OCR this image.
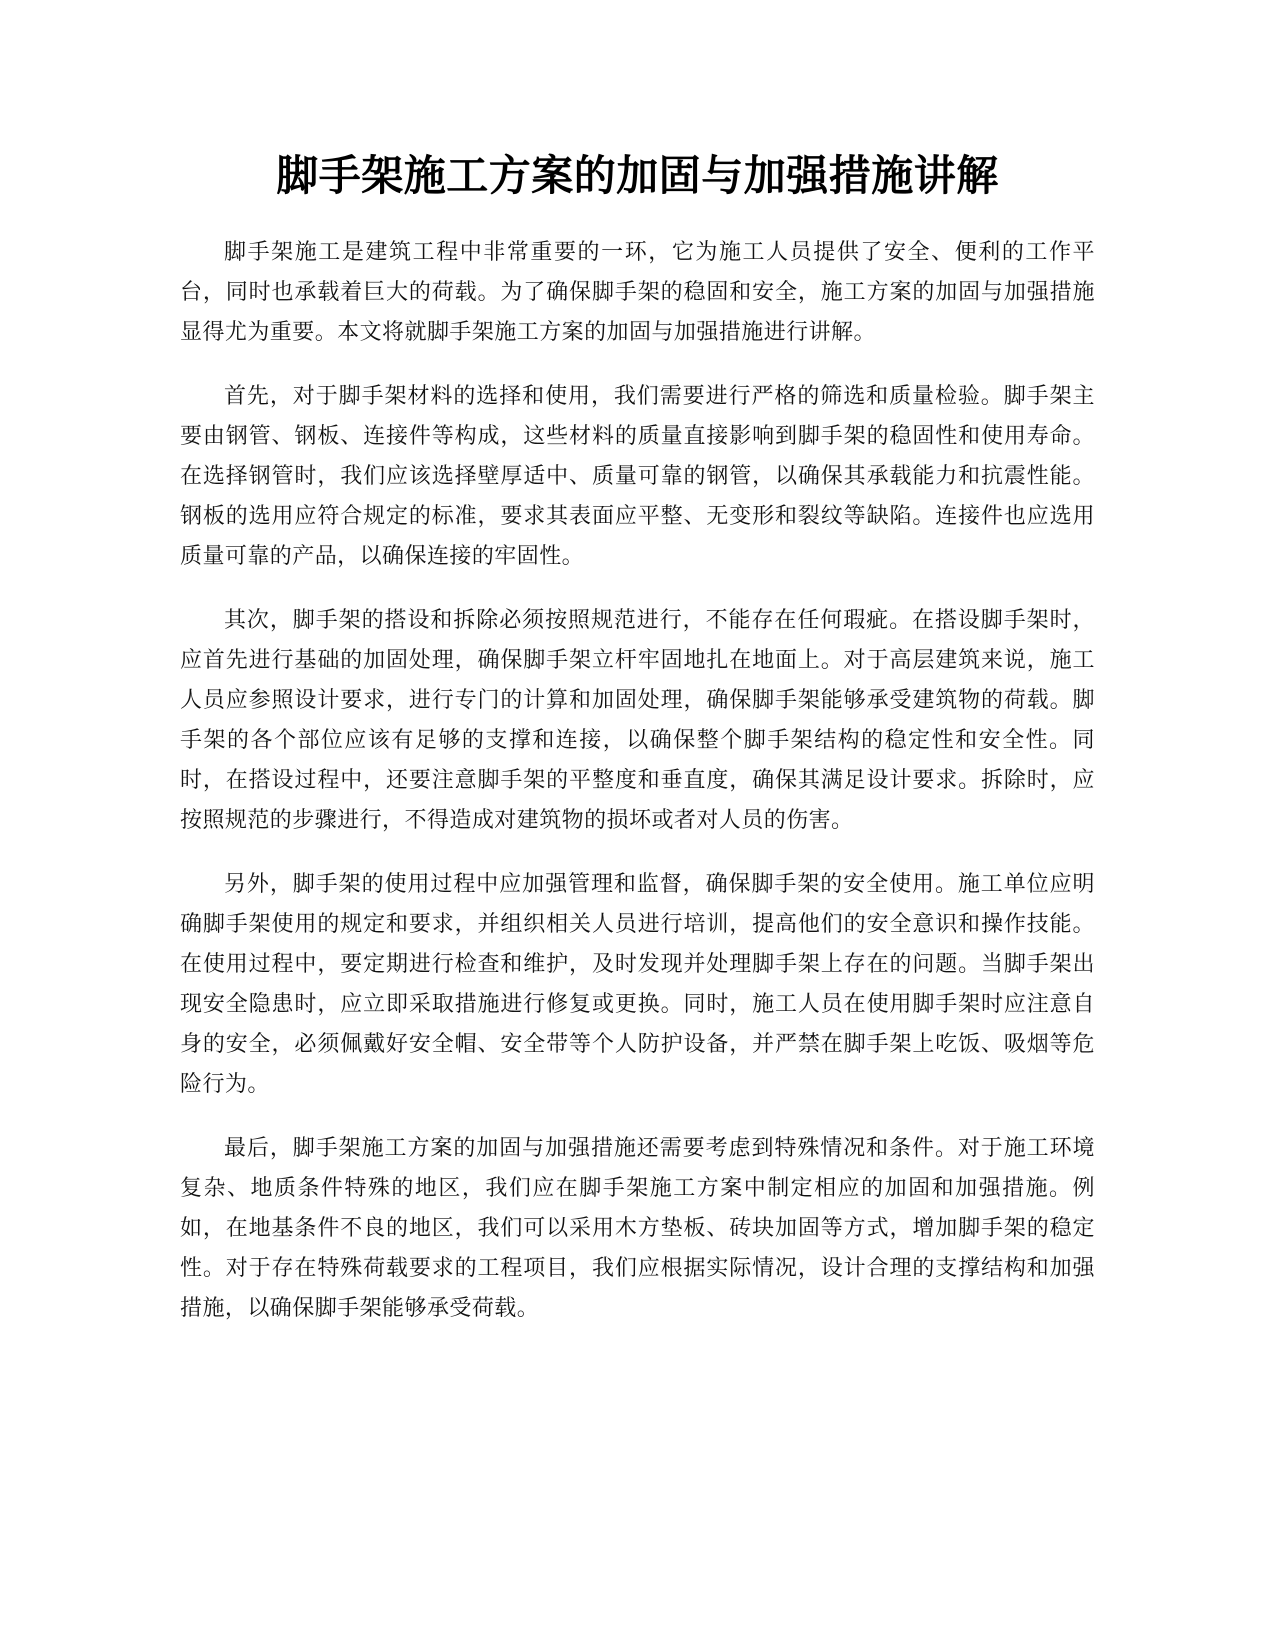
脚手架施工方案的加固与加强措施讲解

脚手架施工是建筑工程中非常重要的一环，它为施工人员提供了安全、便利的工作平台，同时也承载着巨大的荷载。为了确保脚手架的稳固和安全，施工方案的加固与加强措施显得尤为重要。本文将就脚手架施工方案的加固与加强措施进行讲解。

首先，对于脚手架材料的选择和使用，我们需要进行严格的筛选和质量检验。脚手架主要由钢管、钢板、连接件等构成，这些材料的质量直接影响到脚手架的稳固性和使用寿命。在选择钢管时，我们应该选择壁厚适中、质量可靠的钢管，以确保其承载能力和抗震性能。钢板的选用应符合规定的标准，要求其表面应平整、无变形和裂纹等缺陷。连接件也应选用质量可靠的产品，以确保连接的牢固性。

其次，脚手架的搭设和拆除必须按照规范进行，不能存在任何瑕疵。在搭设脚手架时，应首先进行基础的加固处理，确保脚手架立杆牢固地扎在地面上。对于高层建筑来说，施工人员应参照设计要求，进行专门的计算和加固处理，确保脚手架能够承受建筑物的荷载。脚手架的各个部位应该有足够的支撑和连接，以确保整个脚手架结构的稳定性和安全性。同时，在搭设过程中，还要注意脚手架的平整度和垂直度，确保其满足设计要求。拆除时，应按照规范的步骤进行，不得造成对建筑物的损坏或者对人员的伤害。

另外，脚手架的使用过程中应加强管理和监督，确保脚手架的安全使用。施工单位应明确脚手架使用的规定和要求，并组织相关人员进行培训，提高他们的安全意识和操作技能。在使用过程中，要定期进行检查和维护，及时发现并处理脚手架上存在的问题。当脚手架出现安全隐患时，应立即采取措施进行修复或更换。同时，施工人员在使用脚手架时应注意自身的安全，必须佩戴好安全帽、安全带等个人防护设备，并严禁在脚手架上吃饭、吸烟等危险行为。

最后，脚手架施工方案的加固与加强措施还需要考虑到特殊情况和条件。对于施工环境复杂、地质条件特殊的地区，我们应在脚手架施工方案中制定相应的加固和加强措施。例如，在地基条件不良的地区，我们可以采用木方垫板、砖块加固等方式，增加脚手架的稳定性。对于存在特殊荷载要求的工程项目，我们应根据实际情况，设计合理的支撑结构和加强措施，以确保脚手架能够承受荷载。
